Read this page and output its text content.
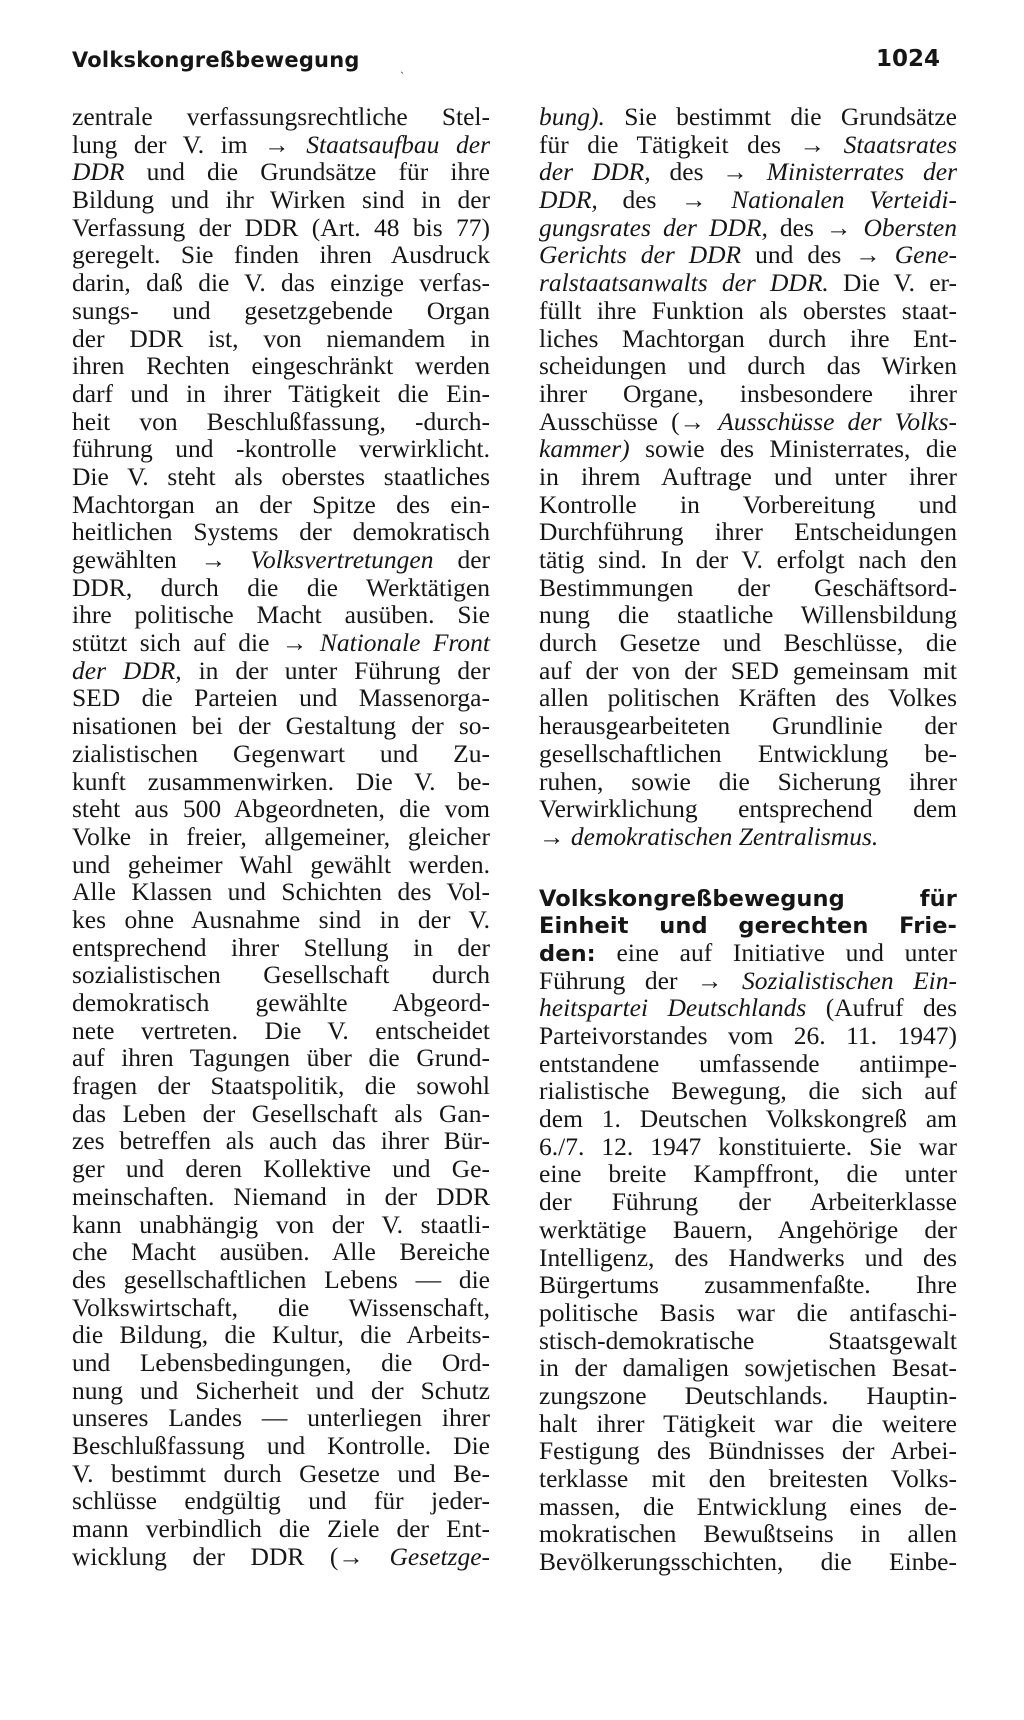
Volkskongreßbewegung	ˎ	1024
zentrale verfassungsrechtliche Stel-
lung der V. im → Staatsaufbau der
DDR und die Grundsätze für ihre
Bildung und ihr Wirken sind in der
Verfassung der DDR (Art. 48 bis 77)
geregelt. Sie finden ihren Ausdruck
darin, daß die V. das einzige verfas-
sungs- und gesetzgebende Organ
der DDR ist, von niemandem in
ihren Rechten eingeschränkt werden
darf und in ihrer Tätigkeit die Ein-
heit von Beschlußfassung, -durch-
führung und -kontrolle verwirklicht.
Die V. steht als oberstes staatliches
Machtorgan an der Spitze des ein-
heitlichen Systems der demokratisch
gewählten → Volksvertretungen der
DDR, durch die die Werktätigen
ihre politische Macht ausüben. Sie
stützt sich auf die → Nationale Front
der DDR, in der unter Führung der
SED die Parteien und Massenorga-
nisationen bei der Gestaltung der so-
zialistischen Gegenwart und Zu-
kunft zusammenwirken. Die V. be-
steht aus 500 Abgeordneten, die vom
Volke in freier, allgemeiner, gleicher
und geheimer Wahl gewählt werden.
Alle Klassen und Schichten des Vol-
kes ohne Ausnahme sind in der V.
entsprechend ihrer Stellung in der
sozialistischen Gesellschaft durch
demokratisch gewählte Abgeord-
nete vertreten. Die V. entscheidet
auf ihren Tagungen über die Grund-
fragen der Staatspolitik, die sowohl
das Leben der Gesellschaft als Gan-
zes betreffen als auch das ihrer Bür-
ger und deren Kollektive und Ge-
meinschaften. Niemand in der DDR
kann unabhängig von der V. staatli-
che Macht ausüben. Alle Bereiche
des gesellschaftlichen Lebens — die
Volkswirtschaft, die Wissenschaft,
die Bildung, die Kultur, die Arbeits-
und Lebensbedingungen, die Ord-
nung und Sicherheit und der Schutz
unseres Landes — unterliegen ihrer
Beschlußfassung und Kontrolle. Die
V. bestimmt durch Gesetze und Be-
schlüsse endgültig und für jeder-
mann verbindlich die Ziele der Ent-
wicklung der DDR (→ Gesetzge-
bung). Sie bestimmt die Grundsätze
für die Tätigkeit des → Staatsrates
der DDR, des → Ministerrates der
DDR, des → Nationalen Verteidi-
gungsrates der DDR, des → Obersten
Gerichts der DDR und des → Gene-
ralstaatsanwalts der DDR. Die V. er-
füllt ihre Funktion als oberstes staat-
liches Machtorgan durch ihre Ent-
scheidungen und durch das Wirken
ihrer Organe, insbesondere ihrer
Ausschüsse (→ Ausschüsse der Volks-
kammer) sowie des Ministerrates, die
in ihrem Auftrage und unter ihrer
Kontrolle in Vorbereitung und
Durchführung ihrer Entscheidungen
tätig sind. In der V. erfolgt nach den
Bestimmungen der Geschäftsord-
nung die staatliche Willensbildung
durch Gesetze und Beschlüsse, die
auf der von der SED gemeinsam mit
allen politischen Kräften des Volkes
herausgearbeiteten Grundlinie der
gesellschaftlichen Entwicklung be-
ruhen, sowie die Sicherung ihrer
Verwirklichung entsprechend dem
→ demokratischen Zentralismus.
Volkskongreßbewegung für
Einheit und gerechten Frie-
den: eine auf Initiative und unter
Führung der → Sozialistischen Ein-
heitspartei Deutschlands (Aufruf des
Parteivorstandes vom 26. 11. 1947)
entstandene umfassende antiimpe-
rialistische Bewegung, die sich auf
dem 1. Deutschen Volkskongreß am
6./7. 12. 1947 konstituierte. Sie war
eine breite Kampffront, die unter
der Führung der Arbeiterklasse
werktätige Bauern, Angehörige der
Intelligenz, des Handwerks und des
Bürgertums zusammenfaßte. Ihre
politische Basis war die antifaschi-
stisch-demokratische Staatsgewalt
in der damaligen sowjetischen Besat-
zungszone Deutschlands. Hauptin-
halt ihrer Tätigkeit war die weitere
Festigung des Bündnisses der Arbei-
terklasse mit den breitesten Volks-
massen, die Entwicklung eines de-
mokratischen Bewußtseins in allen
Bevölkerungsschichten, die Einbe-
